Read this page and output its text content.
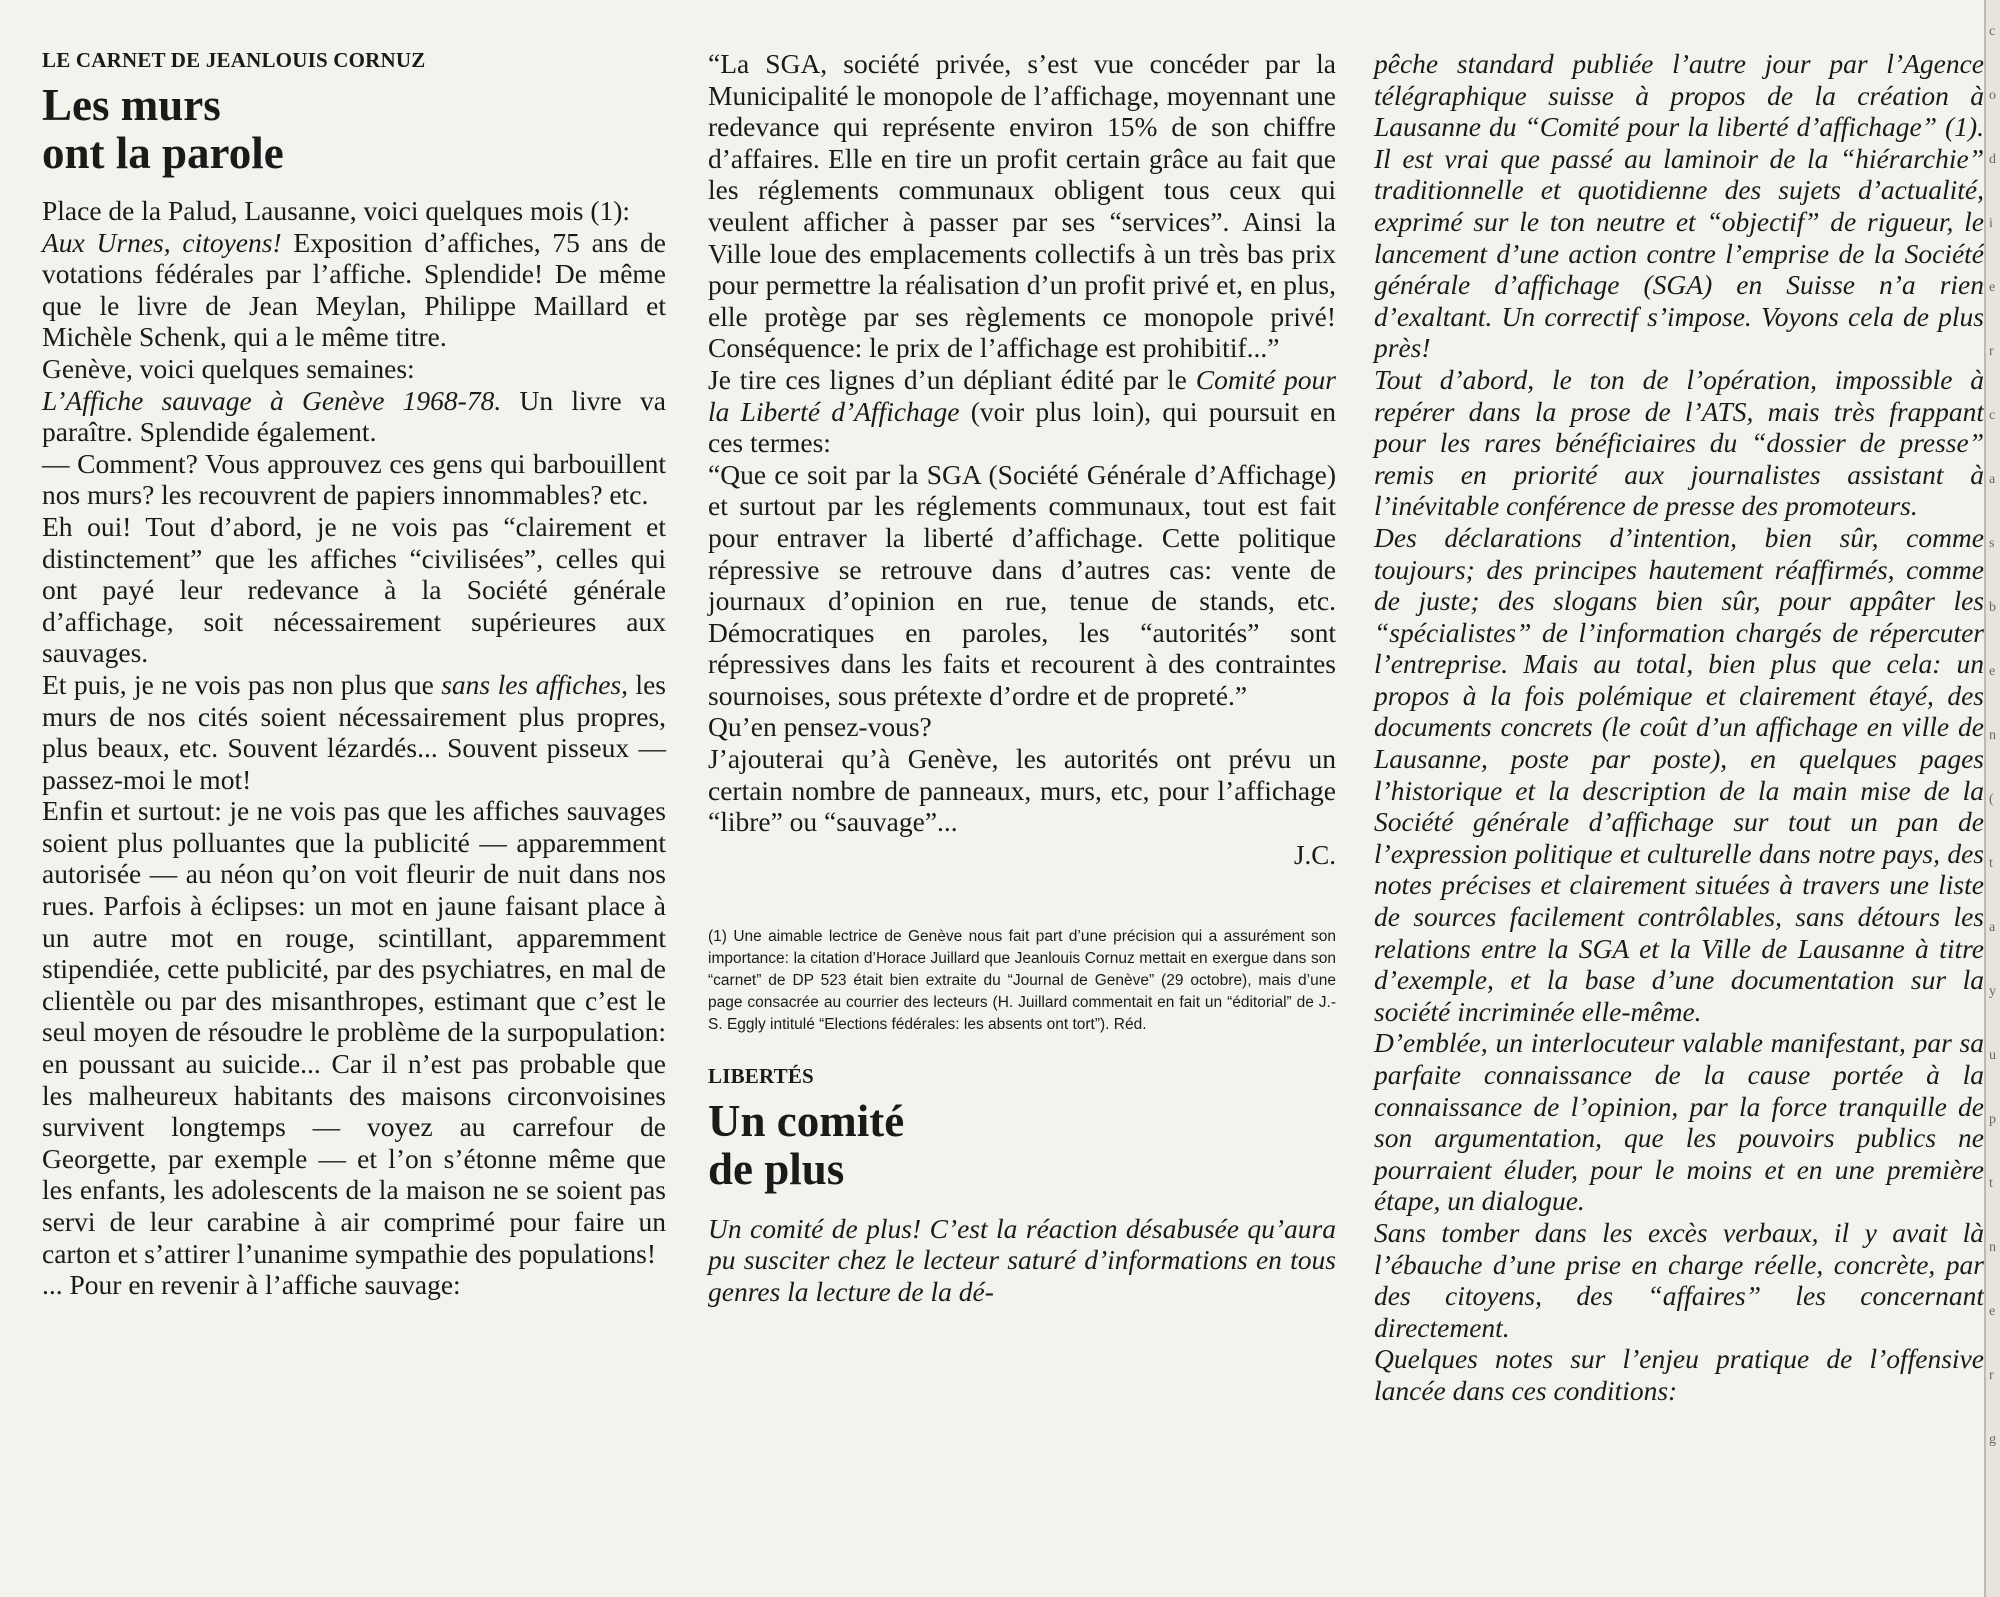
LE CARNET DE JEANLOUIS CORNUZ
Les murs
ont la parole

Place de la Palud, Lausanne, voici quelques mois (1):

Aux Urnes, citoyens! Exposition d’affiches, 75 ans de votations fédérales par l’affiche. Splendide! De même que le livre de Jean Meylan, Philippe Maillard et Michèle Schenk, qui a le même titre.

Genève, voici quelques semaines:

L’Affiche sauvage à Genève 1968-78. Un livre va paraître. Splendide également.

— Comment? Vous approuvez ces gens qui barbouillent nos murs? les recouvrent de papiers innommables? etc.

Eh oui! Tout d’abord, je ne vois pas “clairement et distinctement” que les affiches “civilisées”, celles qui ont payé leur redevance à la Société générale d’affichage, soit nécessairement supérieures aux sauvages.

Et puis, je ne vois pas non plus que sans les affiches, les murs de nos cités soient nécessairement plus propres, plus beaux, etc. Souvent lézardés... Souvent pisseux — passez-moi le mot!

Enfin et surtout: je ne vois pas que les affiches sauvages soient plus polluantes que la publicité — apparemment autorisée — au néon qu’on voit fleurir de nuit dans nos rues. Parfois à éclipses: un mot en jaune faisant place à un autre mot en rouge, scintillant, apparemment stipendiée, cette publicité, par des psychiatres, en mal de clientèle ou par des misanthropes, estimant que c’est le seul moyen de résoudre le problème de la surpopulation: en poussant au suicide... Car il n’est pas probable que les malheureux habitants des maisons circonvoisines survivent longtemps — voyez au carrefour de Georgette, par exemple — et l’on s’étonne même que les enfants, les adolescents de la maison ne se soient pas servi de leur carabine à air comprimé pour faire un carton et s’attirer l’unanime sympathie des populations!

... Pour en revenir à l’affiche sauvage:

“La SGA, société privée, s’est vue concéder par la Municipalité le monopole de l’affichage, moyennant une redevance qui représente environ 15% de son chiffre d’affaires. Elle en tire un profit certain grâce au fait que les réglements communaux obligent tous ceux qui veulent afficher à passer par ses “services”. Ainsi la Ville loue des emplacements collectifs à un très bas prix pour permettre la réalisation d’un profit privé et, en plus, elle protège par ses règlements ce monopole privé! Conséquence: le prix de l’affichage est prohibitif...”

Je tire ces lignes d’un dépliant édité par le Comité pour la Liberté d’Affichage (voir plus loin), qui poursuit en ces termes:

“Que ce soit par la SGA (Société Générale d’Affichage) et surtout par les réglements communaux, tout est fait pour entraver la liberté d’affichage. Cette politique répressive se retrouve dans d’autres cas: vente de journaux d’opinion en rue, tenue de stands, etc. Démocratiques en paroles, les “autorités” sont répressives dans les faits et recourent à des contraintes sournoises, sous prétexte d’ordre et de propreté.”

Qu’en pensez-vous?

J’ajouterai qu’à Genève, les autorités ont prévu un certain nombre de panneaux, murs, etc, pour l’affichage “libre” ou “sauvage”...

J.C.
(1) Une aimable lectrice de Genève nous fait part d’une précision qui a assurément son importance: la citation d’Horace Juillard que Jeanlouis Cornuz mettait en exergue dans son “carnet” de DP 523 était bien extraite du “Journal de Genève” (29 octobre), mais d’une page consacrée au courrier des lecteurs (H. Juillard commentait en fait un “éditorial” de J.-S. Eggly intitulé “Elections fédérales: les absents ont tort”). Réd.
LIBERTÉS
Un comité
de plus

Un comité de plus! C’est la réaction désabusée qu’aura pu susciter chez le lecteur saturé d’informations en tous genres la lecture de la dé-

pêche standard publiée l’autre jour par l’Agence télégraphique suisse à propos de la création à Lausanne du “Comité pour la liberté d’affichage” (1). Il est vrai que passé au laminoir de la “hiérarchie” traditionnelle et quotidienne des sujets d’actualité, exprimé sur le ton neutre et “objectif” de rigueur, le lancement d’une action contre l’emprise de la Société générale d’affichage (SGA) en Suisse n’a rien d’exaltant. Un correctif s’impose. Voyons cela de plus près!

Tout d’abord, le ton de l’opération, impossible à repérer dans la prose de l’ATS, mais très frappant pour les rares bénéficiaires du “dossier de presse” remis en priorité aux journalistes assistant à l’inévitable conférence de presse des promoteurs.

Des déclarations d’intention, bien sûr, comme toujours; des principes hautement réaffirmés, comme de juste; des slogans bien sûr, pour appâter les “spécialistes” de l’information chargés de répercuter l’entreprise. Mais au total, bien plus que cela: un propos à la fois polémique et clairement étayé, des documents concrets (le coût d’un affichage en ville de Lausanne, poste par poste), en quelques pages l’historique et la description de la main mise de la Société générale d’affichage sur tout un pan de l’expression politique et culturelle dans notre pays, des notes précises et clairement situées à travers une liste de sources facilement contrôlables, sans détours les relations entre la SGA et la Ville de Lausanne à titre d’exemple, et la base d’une documentation sur la société incriminée elle-même.

D’emblée, un interlocuteur valable manifestant, par sa parfaite connaissance de la cause portée à la connaissance de l’opinion, par la force tranquille de son argumentation, que les pouvoirs publics ne pourraient éluder, pour le moins et en une première étape, un dialogue.

Sans tomber dans les excès verbaux, il y avait là l’ébauche d’une prise en charge réelle, concrète, par des citoyens, des “affaires” les concernant directement.

Quelques notes sur l’enjeu pratique de l’offensive lancée dans ces conditions:

c
o
d
i
e
r
c
a
s
b
e
n
(
t
a
y
u
p
t
n
e
r
g
